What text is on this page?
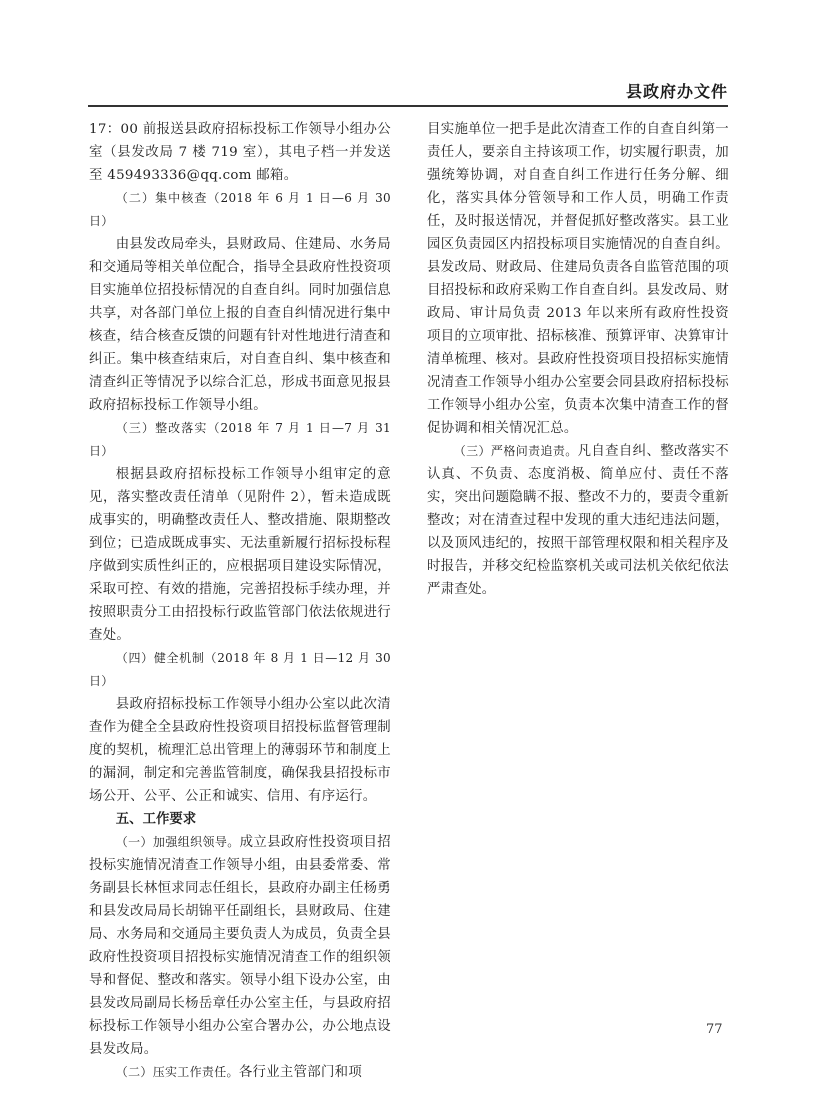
县政府办文件

17：00 前报送县政府招标投标工作领导小组办公室（县发改局 7 楼 719 室），其电子档一并发送至 459493336@qq.com 邮箱。

（二）集中核查（2018 年 6 月 1 日—6 月 30 日）

由县发改局牵头，县财政局、住建局、水务局和交通局等相关单位配合，指导全县政府性投资项目实施单位招投标情况的自查自纠。同时加强信息共享，对各部门单位上报的自查自纠情况进行集中核查，结合核查反馈的问题有针对性地进行清查和纠正。集中核查结束后，对自查自纠、集中核查和清查纠正等情况予以综合汇总，形成书面意见报县政府招标投标工作领导小组。

（三）整改落实（2018 年 7 月 1 日—7 月 31 日）

根据县政府招标投标工作领导小组审定的意见，落实整改责任清单（见附件 2），暂未造成既成事实的，明确整改责任人、整改措施、限期整改到位；已造成既成事实、无法重新履行招标投标程序做到实质性纠正的，应根据项目建设实际情况，采取可控、有效的措施，完善招投标手续办理，并按照职责分工由招投标行政监管部门依法依规进行查处。

（四）健全机制（2018 年 8 月 1 日—12 月 30 日）

县政府招标投标工作领导小组办公室以此次清查作为健全全县政府性投资项目招投标监督管理制度的契机，梳理汇总出管理上的薄弱环节和制度上的漏洞，制定和完善监管制度，确保我县招投标市场公开、公平、公正和诚实、信用、有序运行。

五、工作要求

（一）加强组织领导。成立县政府性投资项目招投标实施情况清查工作领导小组，由县委常委、常务副县长林恒求同志任组长，县政府办副主任杨勇和县发改局局长胡锦平任副组长，县财政局、住建局、水务局和交通局主要负责人为成员，负责全县政府性投资项目招投标实施情况清查工作的组织领导和督促、整改和落实。领导小组下设办公室，由县发改局副局长杨岳章任办公室主任，与县政府招标投标工作领导小组办公室合署办公，办公地点设县发改局。

（二）压实工作责任。各行业主管部门和项

目实施单位一把手是此次清查工作的自查自纠第一责任人，要亲自主持该项工作，切实履行职责，加强统筹协调，对自查自纠工作进行任务分解、细化，落实具体分管领导和工作人员，明确工作责任，及时报送情况，并督促抓好整改落实。县工业园区负责园区内招投标项目实施情况的自查自纠。县发改局、财政局、住建局负责各自监管范围的项目招投标和政府采购工作自查自纠。县发改局、财政局、审计局负责 2013 年以来所有政府性投资项目的立项审批、招标核准、预算评审、决算审计清单梳理、核对。县政府性投资项目投招标实施情况清查工作领导小组办公室要会同县政府招标投标工作领导小组办公室，负责本次集中清查工作的督促协调和相关情况汇总。

（三）严格问责追责。凡自查自纠、整改落实不认真、不负责、态度消极、简单应付、责任不落实，突出问题隐瞒不报、整改不力的，要责令重新整改；对在清查过程中发现的重大违纪违法问题，以及顶风违纪的，按照干部管理权限和相关程序及时报告，并移交纪检监察机关或司法机关依纪依法严肃查处。

77
